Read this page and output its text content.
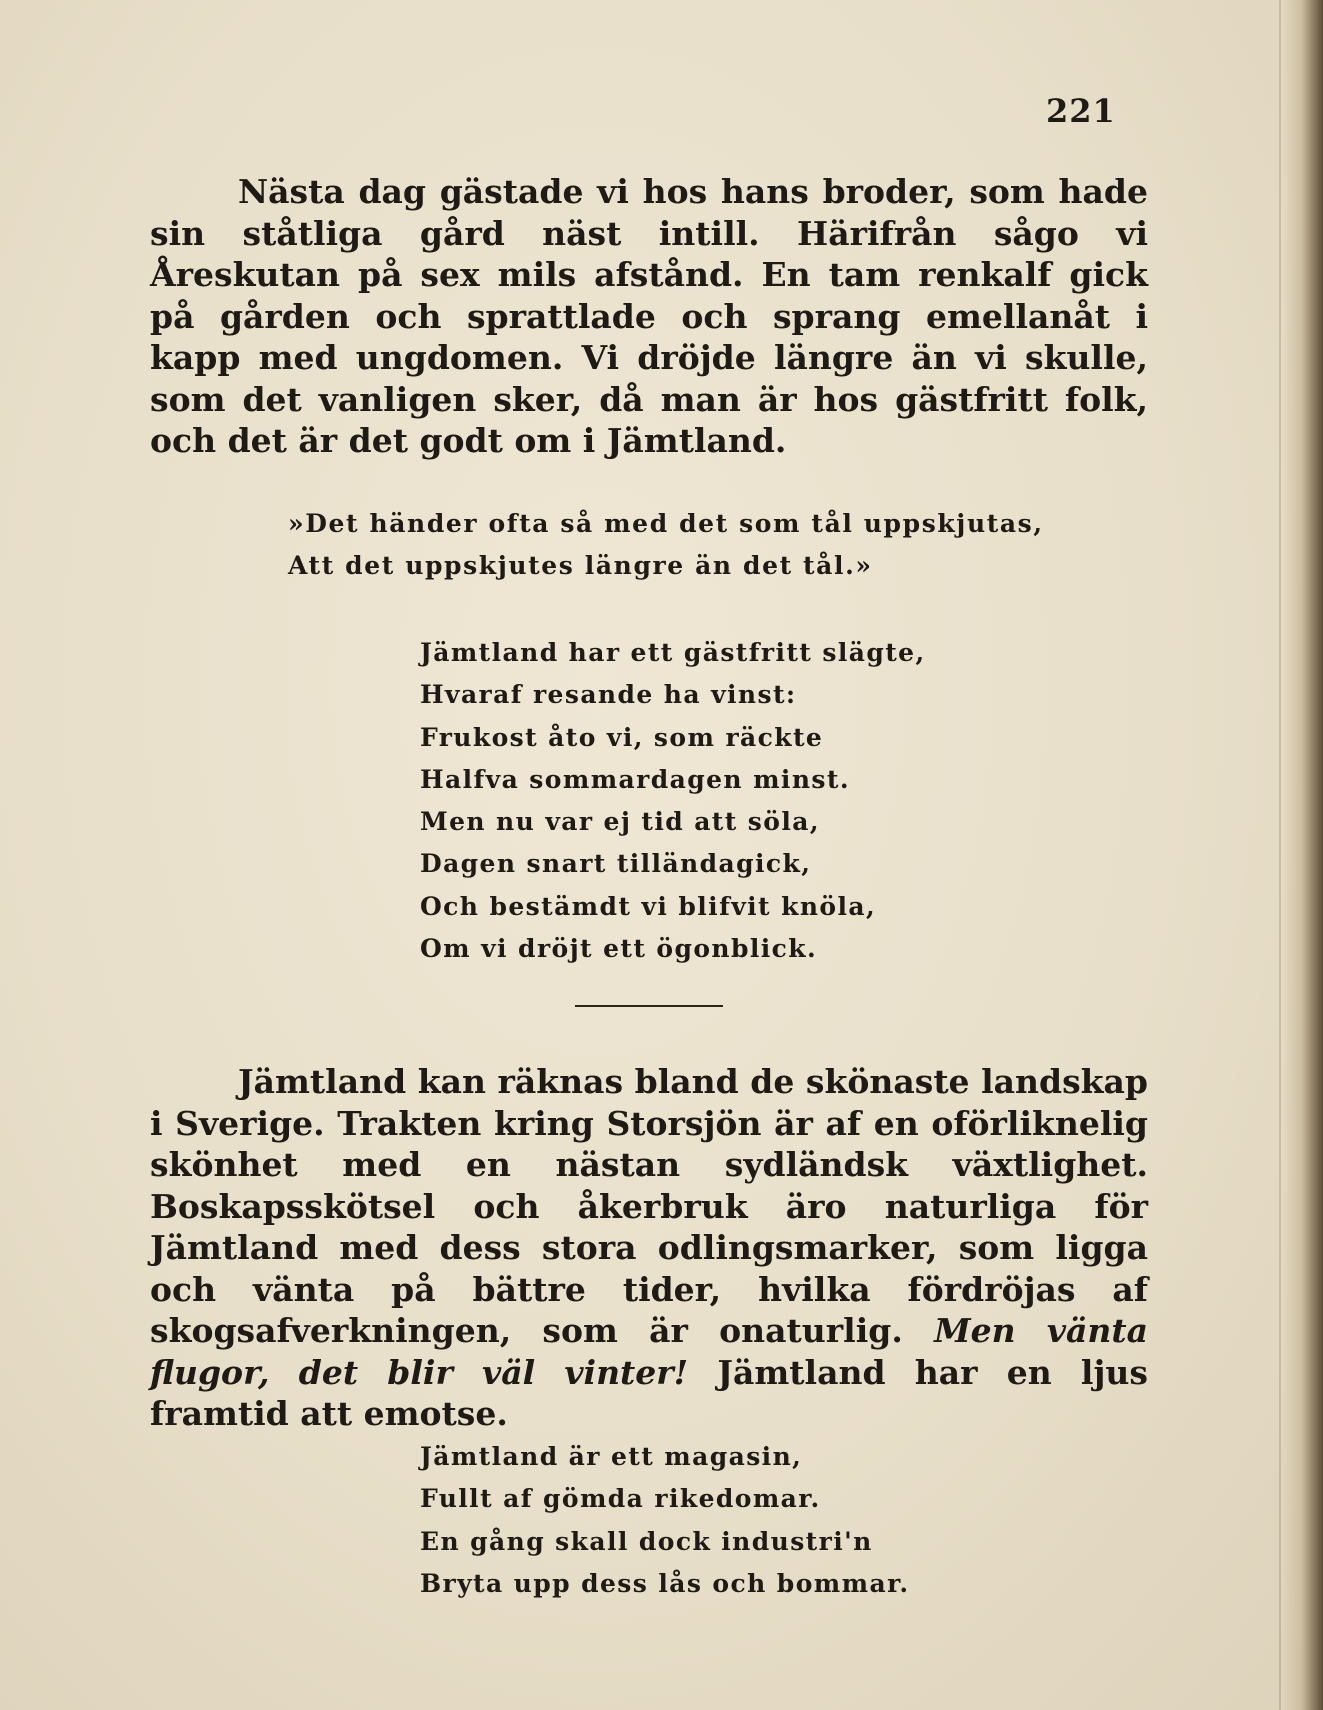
221

Nästa dag gästade vi hos hans broder, som hade sin ståtliga gård näst intill. Härifrån sågo vi Åreskutan på sex mils afstånd. En tam renkalf gick på gården och sprattlade och sprang emellanåt i kapp med ungdomen. Vi dröjde längre än vi skulle, som det vanligen sker, då man är hos gästfritt folk, och det är det godt om i Jämtland.

»Det händer ofta så med det som tål uppskjutas,
Att det uppskjutes längre än det tål.»
Jämtland har ett gästfritt slägte,
Hvaraf resande ha vinst:
Frukost åto vi, som räckte
Halfva sommardagen minst.
Men nu var ej tid att söla,
Dagen snart tilländagick,
Och bestämdt vi blifvit knöla,
Om vi dröjt ett ögonblick.

Jämtland kan räknas bland de skönaste landskap i Sverige. Trakten kring Storsjön är af en oförliknelig skönhet med en nästan sydländsk växtlighet. Boskapsskötsel och åkerbruk äro naturliga för Jämtland med dess stora odlingsmarker, som ligga och vänta på bättre tider, hvilka fördröjas af skogsafverkningen, som är onaturlig. Men vänta flugor, det blir väl vinter! Jämtland har en ljus framtid att emotse.

Jämtland är ett magasin,
Fullt af gömda rikedomar.
En gång skall dock industri'n
Bryta upp dess lås och bommar.
